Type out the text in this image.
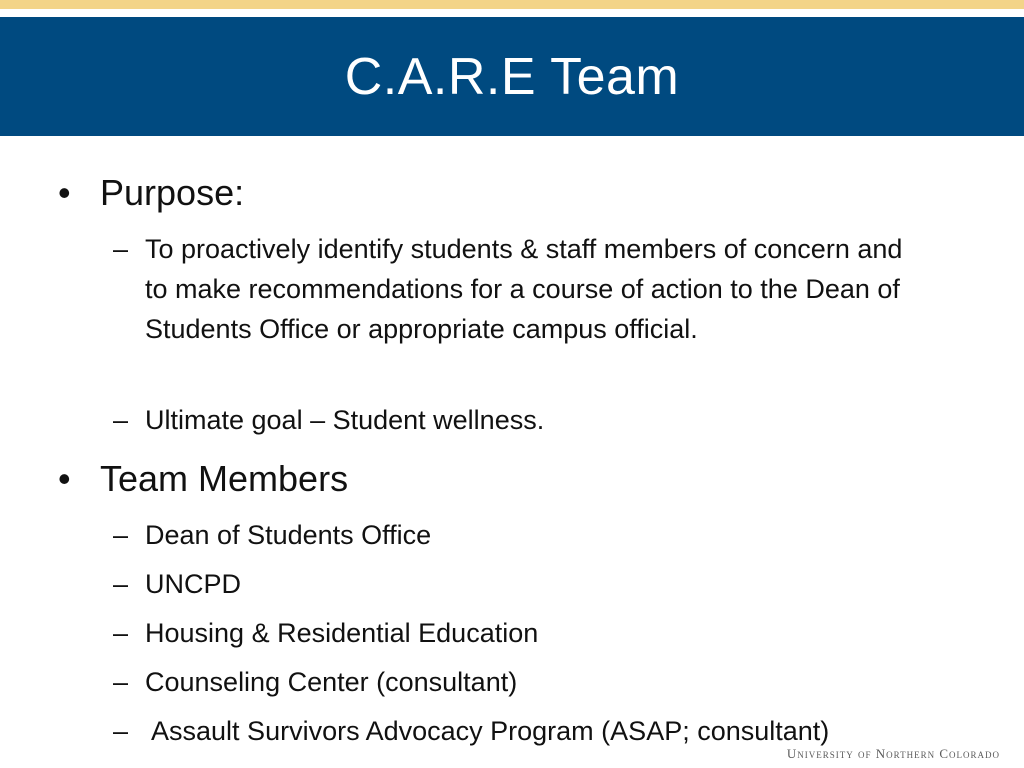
C.A.R.E Team
• Purpose:
– To proactively identify students & staff members of concern and to make recommendations for a course of action to the Dean of Students Office or appropriate campus official.
– Ultimate goal – Student wellness.
• Team Members
– Dean of Students Office
– UNCPD
– Housing & Residential Education
– Counseling Center (consultant)
– Assault Survivors Advocacy Program (ASAP; consultant)
University of Northern Colorado
